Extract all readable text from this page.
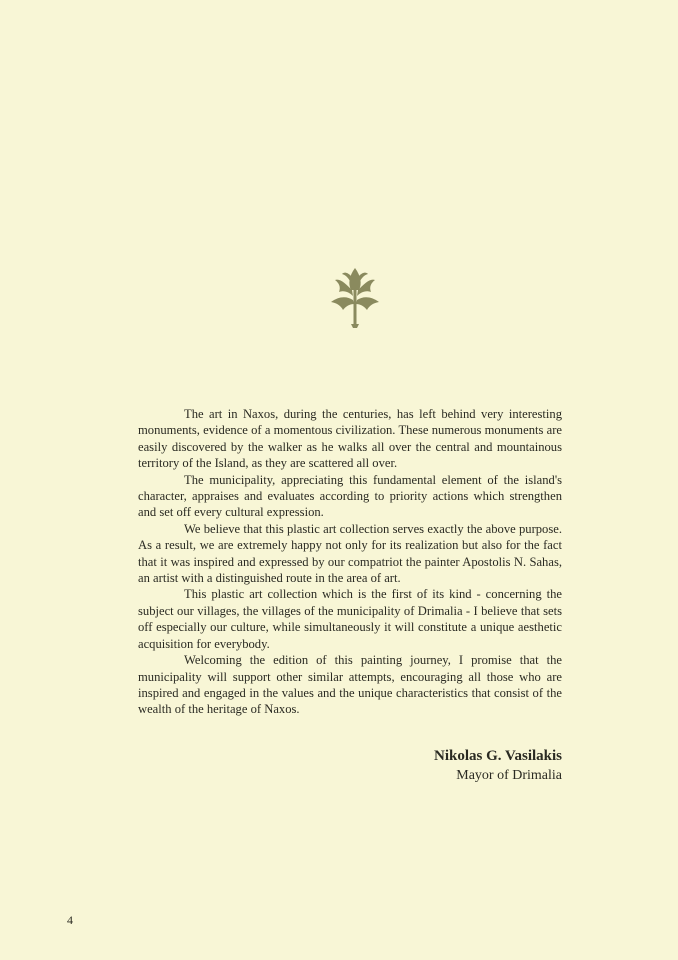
The art in Naxos, during the centuries, has left behind very interesting monuments, evidence of a momentous civilization. These numerous monuments are easily discovered by the walker as he walks all over the central and mountainous territory of the Island, as they are scattered all over.

The municipality, appreciating this fundamental element of the island's character, appraises and evaluates according to priority actions which strengthen and set off every cultural expression.

We believe that this plastic art collection serves exactly the above purpose. As a result, we are extremely happy not only for its realization but also for the fact that it was inspired and expressed by our compatriot the painter Apostolis N. Sahas, an artist with a distinguished route in the area of art.

This plastic art collection which is the first of its kind - concerning the subject our villages, the villages of the municipality of Drimalia - I believe that sets off especially our culture, while simultaneously it will constitute a unique aesthetic acquisition for everybody.

Welcoming the edition of this painting journey, I promise that the municipality will support other similar attempts, encouraging all those who are inspired and engaged in the values and the unique characteristics that consist of the wealth of the heritage of Naxos.

Nikolas G. Vasilakis
Mayor of Drimalia
4
